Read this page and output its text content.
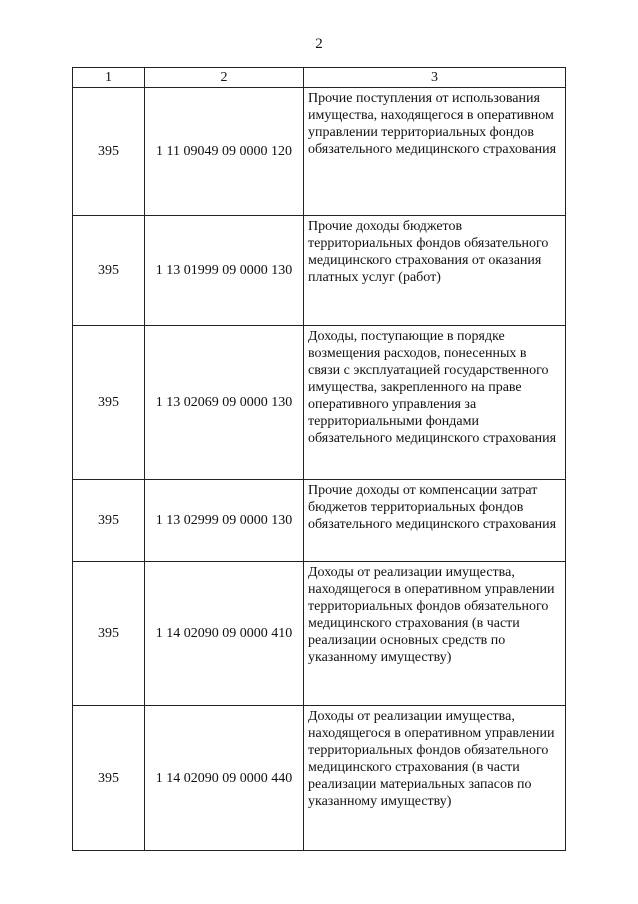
2
1	2	3
395	1 11 09049 09 0000 120	Прочие поступления от использования имущества, находящегося в оперативном управлении территориальных фондов обязательного медицинского страхования
395	1 13 01999 09 0000 130	Прочие доходы бюджетов территориальных фондов обязательного медицинского страхования от оказания платных услуг (работ)
395	1 13 02069 09 0000 130	Доходы, поступающие в порядке возмещения расходов, понесенных в связи с эксплуатацией государственного имущества, закрепленного на праве оперативного управления за территориальными фондами обязательного медицинского страхования
395	1 13 02999 09 0000 130	Прочие доходы от компенсации затрат бюджетов территориальных фондов обязательного медицинского страхования
395	1 14 02090 09 0000 410	Доходы от реализации имущества, находящегося в оперативном управлении территориальных фондов обязательного медицинского страхования (в части реализации основных средств по указанному имуществу)
395	1 14 02090 09 0000 440	Доходы от реализации имущества, находящегося в оперативном управлении территориальных фондов обязательного медицинского страхования (в части реализации материальных запасов по указанному имуществу)
